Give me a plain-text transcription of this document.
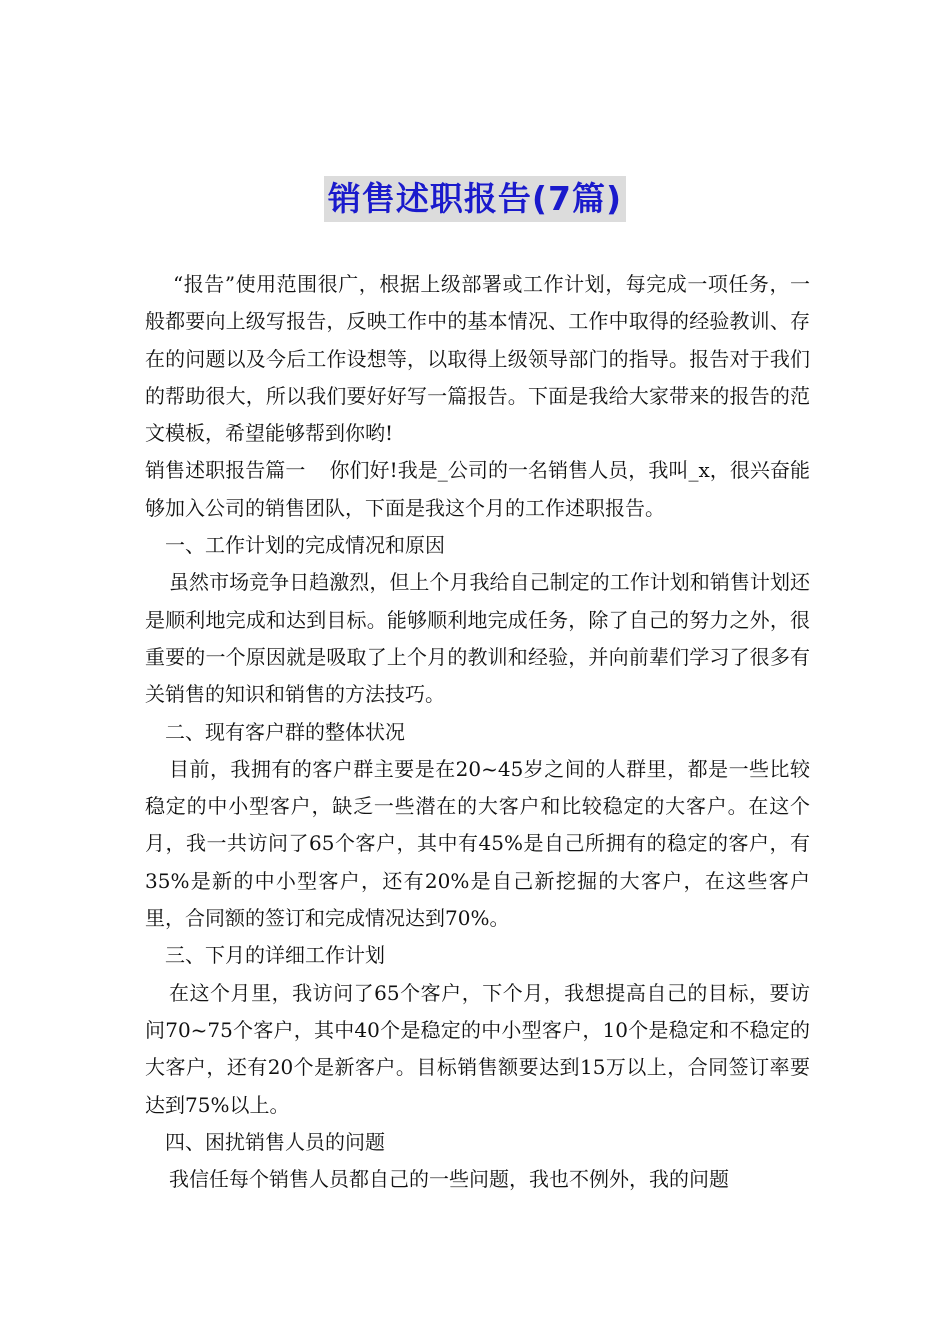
销售述职报告(7篇)

“报告”使用范围很广，根据上级部署或工作计划，每完成一项任务，一般都要向上级写报告，反映工作中的基本情况、工作中取得的经验教训、存在的问题以及今后工作设想等，以取得上级领导部门的指导。报告对于我们的帮助很大，所以我们要好好写一篇报告。下面是我给大家带来的报告的范文模板，希望能够帮到你哟!

销售述职报告篇一 你们好!我是_公司的一名销售人员，我叫_x，很兴奋能够加入公司的销售团队，下面是我这个月的工作述职报告。

一、工作计划的完成情况和原因

虽然市场竞争日趋激烈，但上个月我给自己制定的工作计划和销售计划还是顺利地完成和达到目标。能够顺利地完成任务，除了自己的努力之外，很重要的一个原因就是吸取了上个月的教训和经验，并向前辈们学习了很多有关销售的知识和销售的方法技巧。

二、现有客户群的整体状况

目前，我拥有的客户群主要是在20~45岁之间的人群里，都是一些比较稳定的中小型客户，缺乏一些潜在的大客户和比较稳定的大客户。在这个月，我一共访问了65个客户，其中有45%是自己所拥有的稳定的客户，有35%是新的中小型客户，还有20%是自己新挖掘的大客户，在这些客户里，合同额的签订和完成情况达到70%。

三、下月的详细工作计划

在这个月里，我访问了65个客户，下个月，我想提高自己的目标，要访问70~75个客户，其中40个是稳定的中小型客户，10个是稳定和不稳定的大客户，还有20个是新客户。目标销售额要达到15万以上，合同签订率要达到75%以上。

四、困扰销售人员的问题

我信任每个销售人员都自己的一些问题，我也不例外，我的问题
